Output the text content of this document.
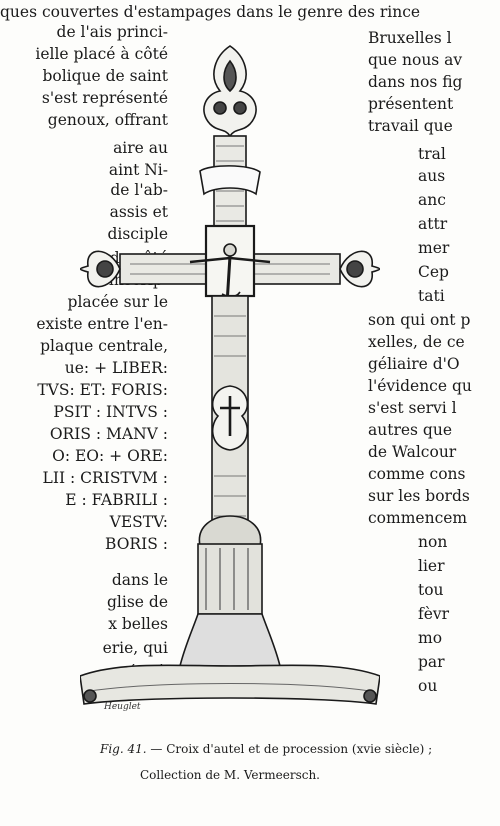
ques couvertes d'estampages dans le genre des rince
de l'ais princi-
ielle placé à côté
bolique de saint
s'est représenté
genoux, offrant
aire au
aint Ni-
de l'ab-
assis et
disciple
placée sur le
existe entre l'en-
plaque centrale,
ue: + LIBER:
TVS: ET: FORIS:
PSIT : INTVS :
ORIS : MANV :
O: EO: + ORE:
LII : CRISTVM :
E : FABRILI :
VESTV:
BORIS :
dans le
glise de
x belles
erie, qui
Bruxelles l
que nous av
dans nos fig
présentent
travail que
tral
aus
anc
attr
mer
Cep
tati
son qui ont p
xelles, de ce
géliaire d'O
l'évidence qu
s'est servi l
autres que
de Walcour
comme cons
sur les bords
commencem
non
lier
tou
fèvr
mo
par
ou
Heuglet
Fig. 41. — Croix d'autel et de procession (xvie siècle) ;
Collection de M. Vermeersch.
